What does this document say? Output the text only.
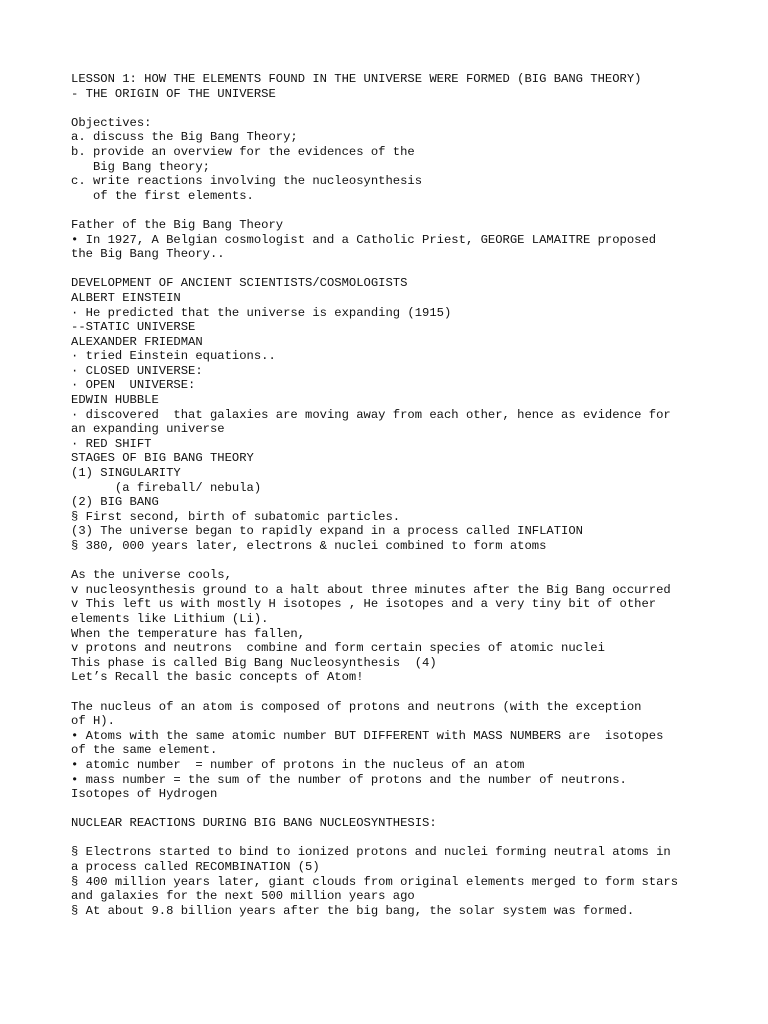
LESSON 1: HOW THE ELEMENTS FOUND IN THE UNIVERSE WERE FORMED (BIG BANG THEORY)
- THE ORIGIN OF THE UNIVERSE
Objectives:
a. discuss the Big Bang Theory;
b. provide an overview for the evidences of the
Big Bang theory;
c. write reactions involving the nucleosynthesis
of the first elements.
Father of the Big Bang Theory
• In 1927, A Belgian cosmologist and a Catholic Priest, GEORGE LAMAITRE proposed
the Big Bang Theory..
DEVELOPMENT OF ANCIENT SCIENTISTS/COSMOLOGISTS
ALBERT EINSTEIN
· He predicted that the universe is expanding (1915)
--STATIC UNIVERSE
ALEXANDER FRIEDMAN
· tried Einstein equations..
· CLOSED UNIVERSE:
· OPEN  UNIVERSE:
EDWIN HUBBLE
· discovered  that galaxies are moving away from each other, hence as evidence for
an expanding universe
· RED SHIFT
STAGES OF BIG BANG THEORY
(1) SINGULARITY
(a fireball/ nebula)
(2) BIG BANG
§ First second, birth of subatomic particles.
(3) The universe began to rapidly expand in a process called INFLATION
§ 380, 000 years later, electrons & nuclei combined to form atoms
As the universe cools,
v nucleosynthesis ground to a halt about three minutes after the Big Bang occurred
v This left us with mostly H isotopes , He isotopes and a very tiny bit of other
elements like Lithium (Li).
When the temperature has fallen,
v protons and neutrons  combine and form certain species of atomic nuclei
This phase is called Big Bang Nucleosynthesis  (4)
Let’s Recall the basic concepts of Atom!
The nucleus of an atom is composed of protons and neutrons (with the exception
of H).
• Atoms with the same atomic number BUT DIFFERENT with MASS NUMBERS are  isotopes
of the same element.
• atomic number  = number of protons in the nucleus of an atom
• mass number = the sum of the number of protons and the number of neutrons.
Isotopes of Hydrogen
NUCLEAR REACTIONS DURING BIG BANG NUCLEOSYNTHESIS:
§ Electrons started to bind to ionized protons and nuclei forming neutral atoms in
a process called RECOMBINATION (5)
§ 400 million years later, giant clouds from original elements merged to form stars
and galaxies for the next 500 million years ago
§ At about 9.8 billion years after the big bang, the solar system was formed.
